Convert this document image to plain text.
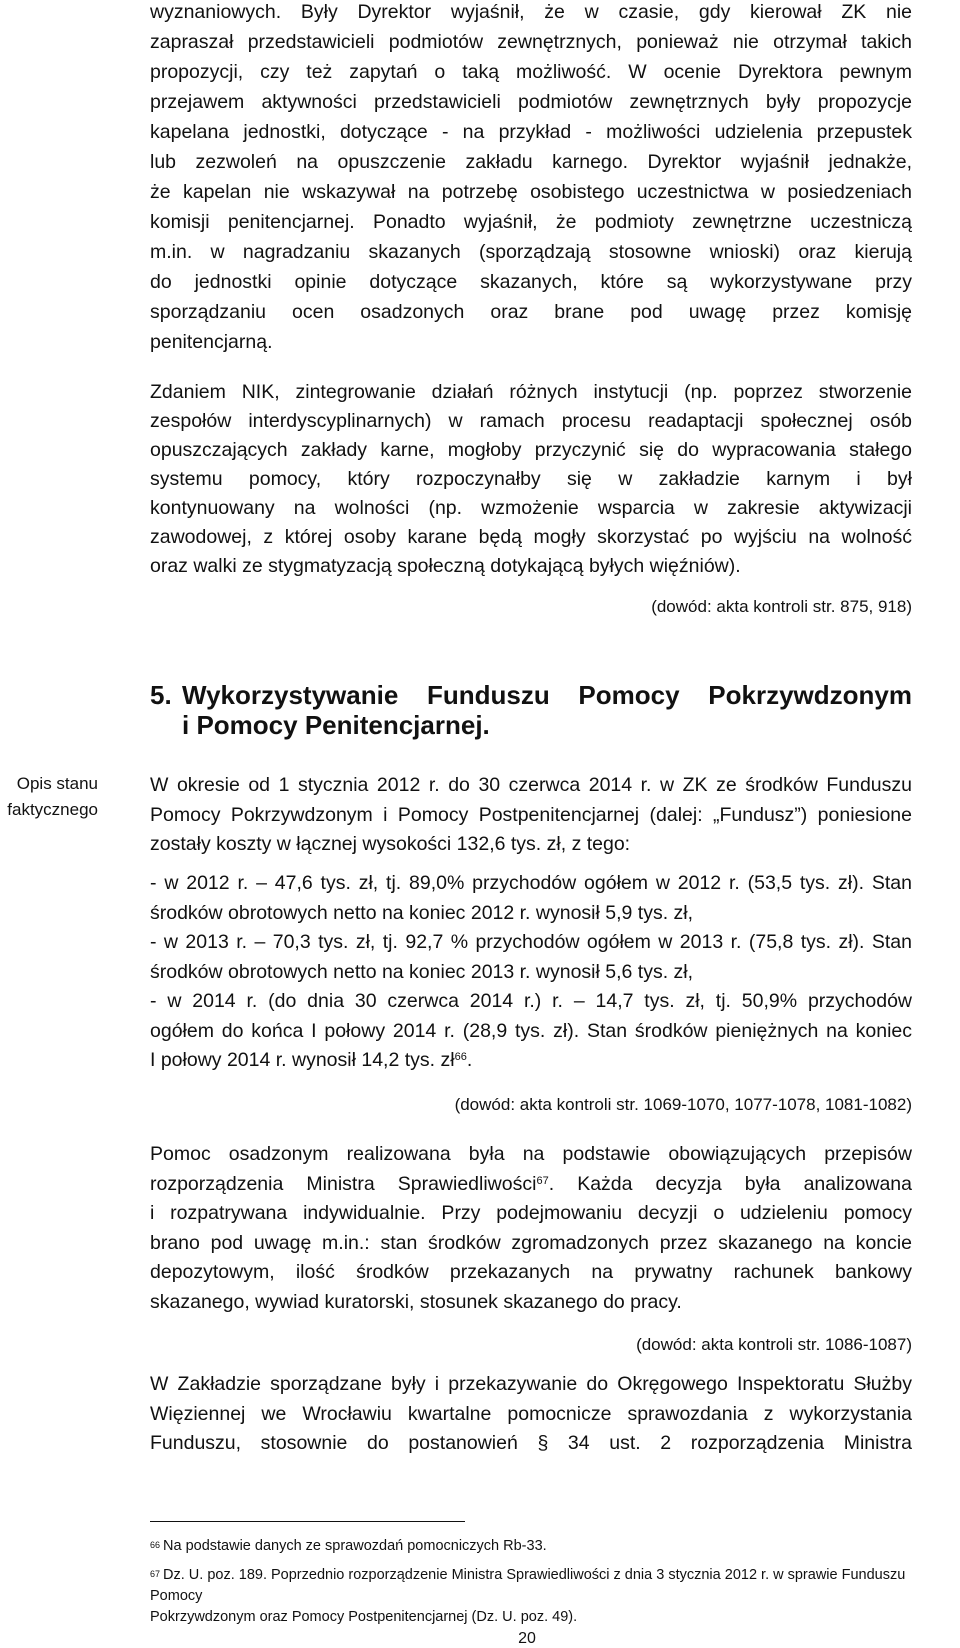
wyznaniowych. Były Dyrektor wyjaśnił, że w czasie, gdy kierował ZK nie
zapraszał przedstawicieli podmiotów zewnętrznych, ponieważ nie otrzymał takich
propozycji, czy też zapytań o taką możliwość. W ocenie Dyrektora pewnym
przejawem aktywności przedstawicieli podmiotów zewnętrznych były propozycje
kapelana jednostki, dotyczące - na przykład - możliwości udzielenia przepustek
lub zezwoleń na opuszczenie zakładu karnego. Dyrektor wyjaśnił jednakże,
że kapelan nie wskazywał na potrzebę osobistego uczestnictwa w posiedzeniach
komisji penitencjarnej. Ponadto wyjaśnił, że podmioty zewnętrzne uczestniczą
m.in. w nagradzaniu skazanych (sporządzają stosowne wnioski) oraz kierują
do jednostki opinie dotyczące skazanych, które są wykorzystywane przy
sporządzaniu ocen osadzonych oraz brane pod uwagę przez komisję
penitencjarną.
Zdaniem NIK, zintegrowanie działań różnych instytucji (np. poprzez stworzenie
zespołów interdyscyplinarnych) w ramach procesu readaptacji społecznej osób
opuszczających zakłady karne, mogłoby przyczynić się do wypracowania stałego
systemu pomocy, który rozpoczynałby się w zakładzie karnym i był
kontynuowany na wolności (np. wzmożenie wsparcia w zakresie aktywizacji
zawodowej, z której osoby karane będą mogły skorzystać po wyjściu na wolność
oraz walki ze stygmatyzacją społeczną dotykającą byłych więźniów).
(dowód: akta kontroli str. 875, 918)
5. Wykorzystywanie Funduszu Pomocy Pokrzywdzonym
i Pomocy Penitencjarnej.
Opis stanu
faktycznego
W okresie od 1 stycznia 2012 r. do 30 czerwca 2014 r. w ZK ze środków Funduszu
Pomocy Pokrzywdzonym i Pomocy Postpenitencjarnej (dalej: „Fundusz”) poniesione
zostały koszty w łącznej wysokości 132,6 tys. zł, z tego:
- w 2012 r. – 47,6 tys. zł, tj. 89,0% przychodów ogółem w 2012 r. (53,5 tys. zł). Stan
środków obrotowych netto na koniec 2012 r. wynosił 5,9 tys. zł,
- w 2013 r. – 70,3 tys. zł, tj. 92,7 % przychodów ogółem w 2013 r. (75,8 tys. zł). Stan
środków obrotowych netto na koniec 2013 r. wynosił 5,6 tys. zł,
- w 2014 r. (do dnia 30 czerwca 2014 r.) r. – 14,7 tys. zł, tj. 50,9% przychodów
ogółem do końca I połowy 2014 r. (28,9 tys. zł). Stan środków pieniężnych na koniec
I połowy 2014 r. wynosił 14,2 tys. $zł^{66}$.
(dowód: akta kontroli str. 1069-1070, 1077-1078, 1081-1082)
Pomoc osadzonym realizowana była na podstawie obowiązujących przepisów
rozporządzenia Ministra Sprawiedliwości$^{67}$. Każda decyzja była analizowana
i rozpatrywana indywidualnie. Przy podejmowaniu decyzji o udzieleniu pomocy
brano pod uwagę m.in.: stan środków zgromadzonych przez skazanego na koncie
depozytowym, ilość środków przekazanych na prywatny rachunek bankowy
skazanego, wywiad kuratorski, stosunek skazanego do pracy.
(dowód: akta kontroli str. 1086-1087)
W Zakładzie sporządzane były i przekazywanie do Okręgowego Inspektoratu Służby
Więziennej we Wrocławiu kwartalne pomocnicze sprawozdania z wykorzystania
Funduszu, stosownie do postanowień § 34 ust. 2 rozporządzenia Ministra
$^{66}$ Na podstawie danych ze sprawozdań pomocniczych Rb-33.
$^{67}$ Dz. U. poz. 189. Poprzednio rozporządzenie Ministra Sprawiedliwości z dnia 3 stycznia 2012 r. w sprawie Funduszu Pomocy
Pokrzywdzonym oraz Pomocy Postpenitencjarnej (Dz. U. poz. 49).
20
